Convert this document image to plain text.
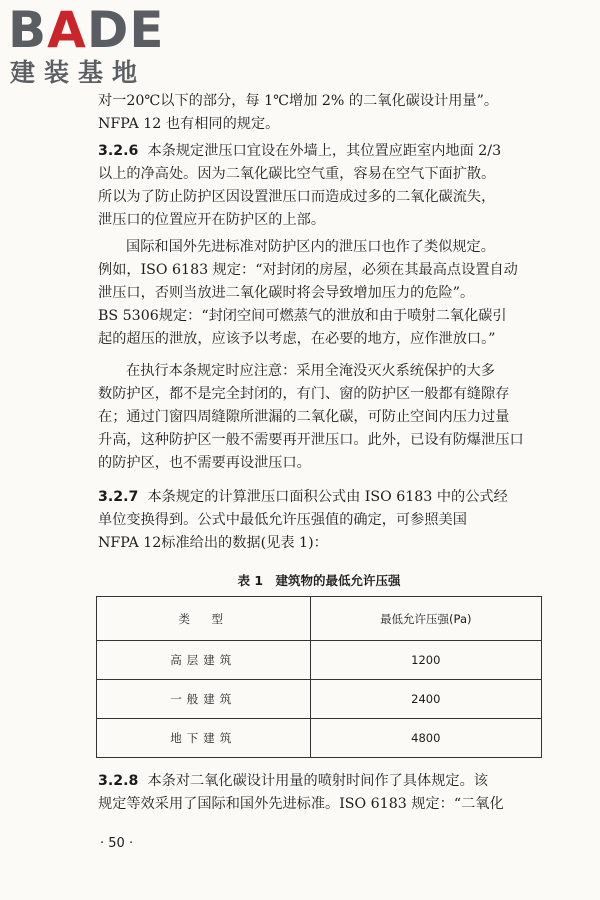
BADE
建装基地
对一20℃以下的部分，每 1℃增加 2% 的二氧化碳设计用量”。
NFPA 12 也有相同的规定。
3.2.6 本条规定泄压口宜设在外墙上，其位置应距室内地面 2/3
以上的净高处。因为二氧化碳比空气重，容易在空气下面扩散。
所以为了防止防护区因设置泄压口而造成过多的二氧化碳流失，
泄压口的位置应开在防护区的上部。
国际和国外先进标准对防护区内的泄压口也作了类似规定。
例如，ISO 6183 规定：“对封闭的房屋，必须在其最高点设置自动
泄压口，否则当放进二氧化碳时将会导致增加压力的危险”。
BS 5306规定：“封闭空间可燃蒸气的泄放和由于喷射二氧化碳引
起的超压的泄放，应该予以考虑，在必要的地方，应作泄放口。”
在执行本条规定时应注意：采用全淹没灭火系统保护的大多
数防护区，都不是完全封闭的，有门、窗的防护区一般都有缝隙存
在；通过门窗四周缝隙所泄漏的二氧化碳，可防止空间内压力过量
升高，这种防护区一般不需要再开泄压口。此外，已设有防爆泄压口
的防护区，也不需要再设泄压口。
3.2.7 本条规定的计算泄压口面积公式由 ISO 6183 中的公式经
单位变换得到。公式中最低允许压强值的确定，可参照美国
NFPA 12标准给出的数据(见表 1)：
表 1　建筑物的最低允许压强
类　型	最低允许压强(Pa)
高层建筑	1200
一般建筑	2400
地下建筑	4800
3.2.8 本条对二氧化碳设计用量的喷射时间作了具体规定。该
规定等效采用了国际和国外先进标准。ISO 6183 规定：“二氧化
· 50 ·
